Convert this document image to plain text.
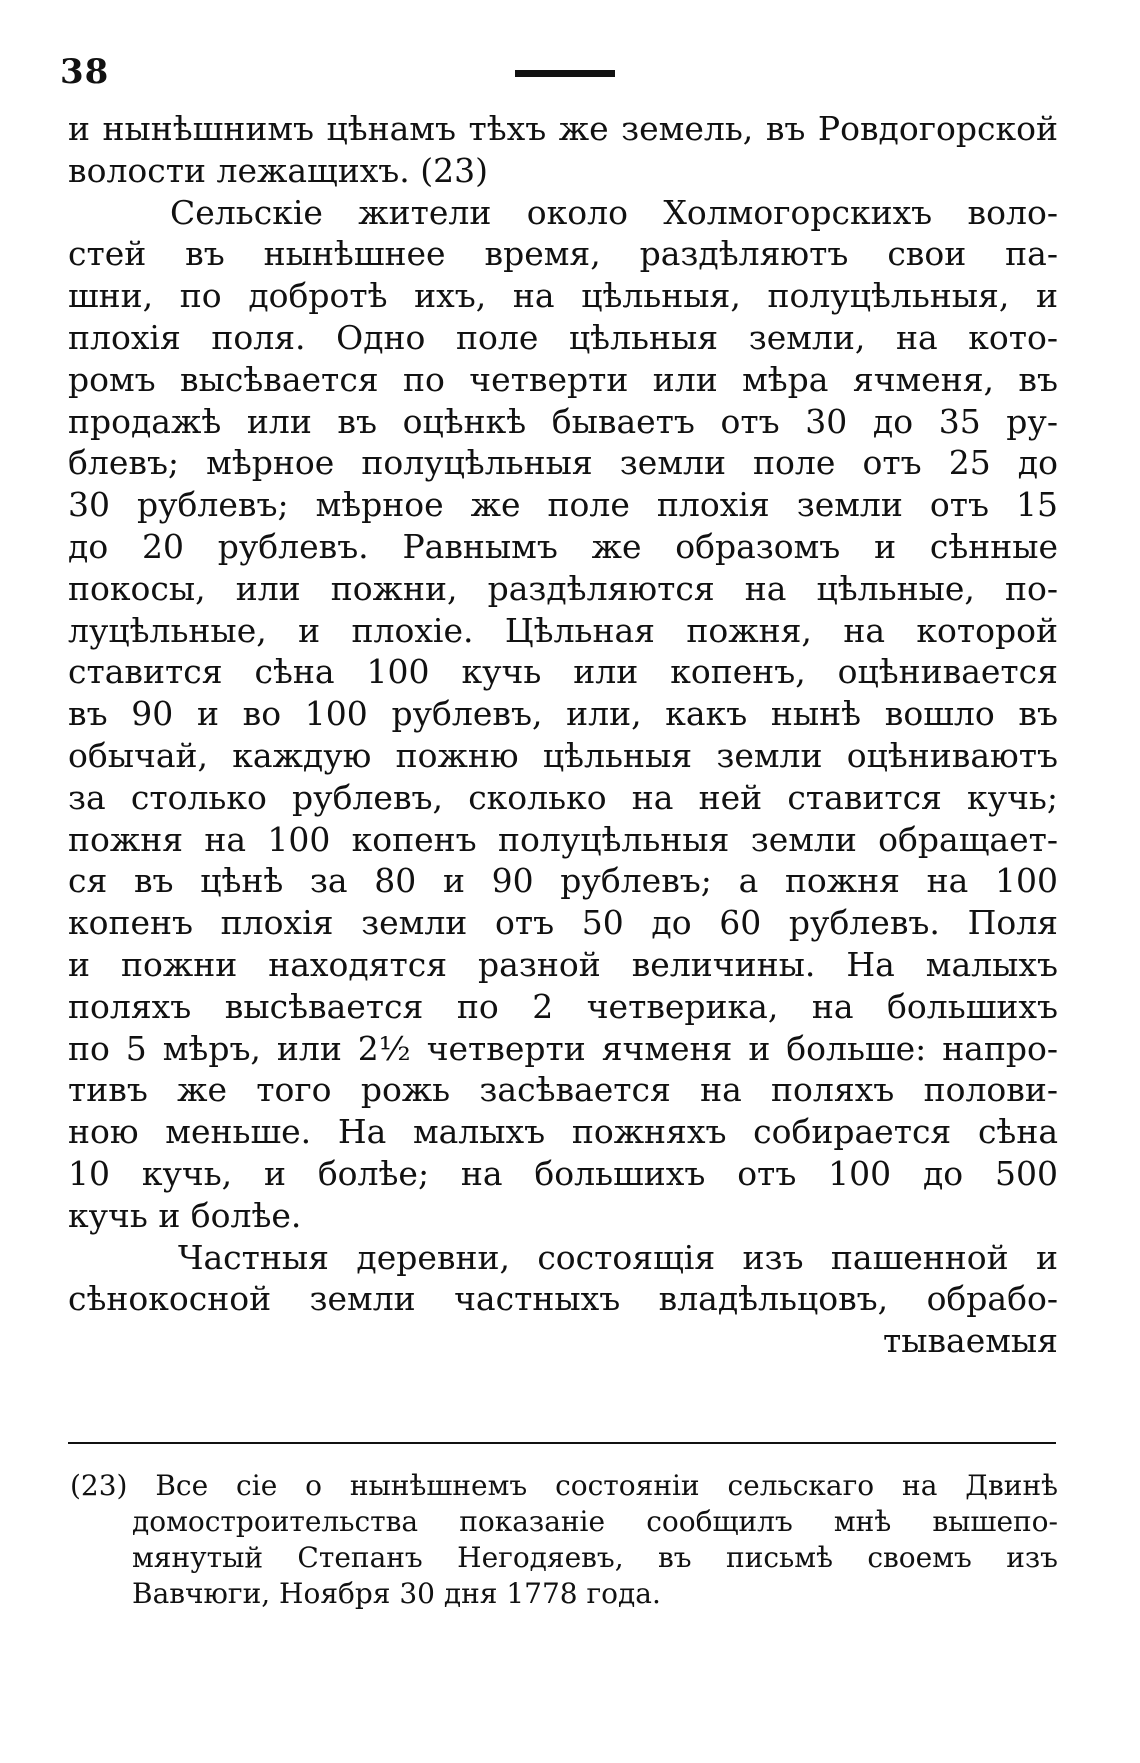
38
и нынѣшнимъ цѣнамъ тѣхъ же земель, въ Ровдогорской волости лежащихъ. (23)
Сельскіе жители около Холмогорскихъ воло-
стей въ нынѣшнее время, раздѣляютъ свои па-
шни, по добротѣ ихъ, на цѣльныя, полуцѣльныя, и
плохія поля. Одно поле цѣльныя земли, на кото-
ромъ высѣвается по четверти или мѣра ячменя, въ
продажѣ или въ оцѣнкѣ бываетъ отъ 30 до 35 ру-
блевъ; мѣрное полуцѣльныя земли поле отъ 25 до
30 рублевъ; мѣрное же поле плохія земли отъ 15
до 20 рублевъ. Равнымъ же образомъ и сѣнные
покосы, или пожни, раздѣляются на цѣльные, по-
луцѣльные, и плохіе. Цѣльная пожня, на которой
ставится сѣна 100 кучь или копенъ, оцѣнивается
въ 90 и во 100 рублевъ, или, какъ нынѣ вошло въ
обычай, каждую пожню цѣльныя земли оцѣниваютъ
за столько рублевъ, сколько на ней ставится кучь;
пожня на 100 копенъ полуцѣльныя земли обращает-
ся въ цѣнѣ за 80 и 90 рублевъ; а пожня на 100
копенъ плохія земли отъ 50 до 60 рублевъ. Поля
и пожни находятся разной величины. На малыхъ
поляхъ высѣвается по 2 четверика, на большихъ
по 5 мѣръ, или 2½ четверти ячменя и больше: напро-
тивъ же того рожь засѣвается на поляхъ полови-
ною меньше. На малыхъ пожняхъ собирается сѣна
10 кучь, и болѣе; на большихъ отъ 100 до 500
кучь и болѣе.
Частныя деревни, состоящія изъ пашенной и
сѣнокосной земли частныхъ владѣльцовъ, обрабо-
тываемыя
(23) Все сіе о нынѣшнемъ состояніи сельскаго на Двинѣ
домостроительства показаніе сообщилъ мнѣ вышепо-
мянутый Степанъ Негодяевъ, въ письмѣ своемъ изъ
Вавчюги, Ноября 30 дня 1778 года.
